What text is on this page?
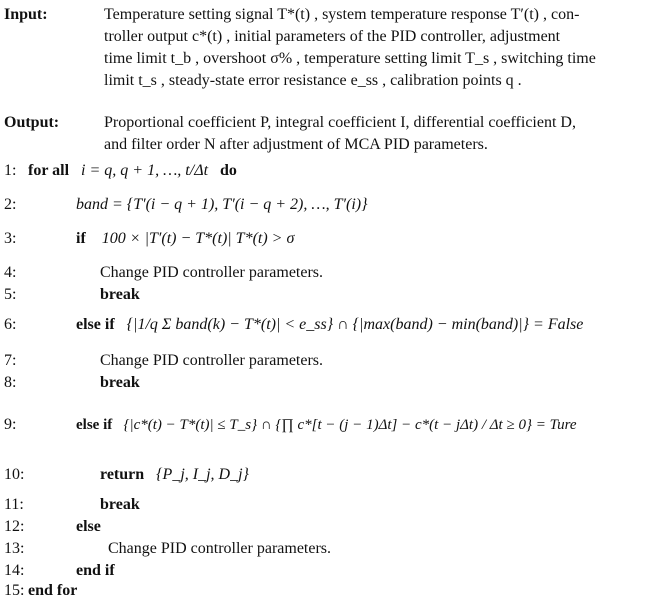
Input:	Temperature setting signal T*(t) , system temperature response T′(t) , con-
troller output c*(t) , initial parameters of the PID controller, adjustment
time limit t_b , overshoot σ% , temperature setting limit T_s , switching time
limit t_s , steady-state error resistance e_ss , calibration points q .
Output:	Proportional coefficient P, integral coefficient I, differential coefficient D,
and filter order N after adjustment of MCA PID parameters.
1: for all i = q, q + 1, …, t/Δt do
2:	band = {T′(i − q + 1), T′(i − q + 2), …, T′(i)}
3:	if 100 × |T′(t) − T*(t)| T*(t) > σ
4:	Change PID controller parameters.
5:	break
6:	else if {|1/q Σ band(k) − T*(t)| < e_ss} ∩ {|max(band) − min(band)|} = False
7:	Change PID controller parameters.
8:	break
9:	else if {|c*(t) − T*(t)| ≤ T_s} ∩ {∏ c*[t − (j − 1)Δt] − c*(t − jΔt) / Δt ≥ 0} = Ture
10:	return {P_j, I_j, D_j}
11:	break
12:	else
13:	Change PID controller parameters.
14:	end if
15: end for
